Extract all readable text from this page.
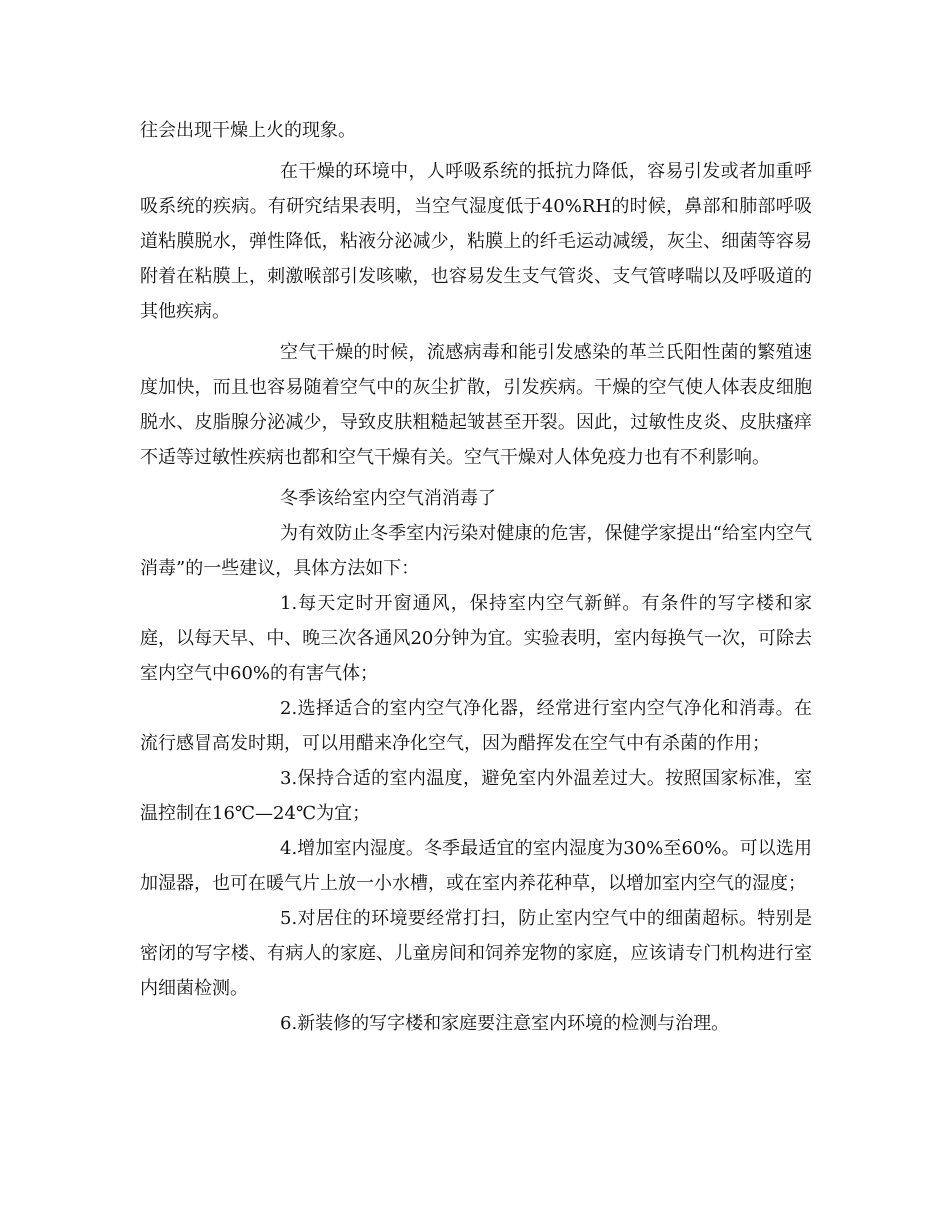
往会出现干燥上火的现象。

在干燥的环境中，人呼吸系统的抵抗力降低，容易引发或者加重呼吸系统的疾病。有研究结果表明，当空气湿度低于40%RH的时候，鼻部和肺部呼吸道粘膜脱水，弹性降低，粘液分泌减少，粘膜上的纤毛运动减缓，灰尘、细菌等容易附着在粘膜上，刺激喉部引发咳嗽，也容易发生支气管炎、支气管哮喘以及呼吸道的其他疾病。

空气干燥的时候，流感病毒和能引发感染的革兰氏阳性菌的繁殖速度加快，而且也容易随着空气中的灰尘扩散，引发疾病。干燥的空气使人体表皮细胞脱水、皮脂腺分泌减少，导致皮肤粗糙起皱甚至开裂。因此，过敏性皮炎、皮肤瘙痒不适等过敏性疾病也都和空气干燥有关。空气干燥对人体免疫力也有不利影响。

冬季该给室内空气消消毒了

为有效防止冬季室内污染对健康的危害，保健学家提出“给室内空气消毒”的一些建议，具体方法如下：

1.每天定时开窗通风，保持室内空气新鲜。有条件的写字楼和家庭，以每天早、中、晚三次各通风20分钟为宜。实验表明，室内每换气一次，可除去室内空气中60%的有害气体；

2.选择适合的室内空气净化器，经常进行室内空气净化和消毒。在流行感冒高发时期，可以用醋来净化空气，因为醋挥发在空气中有杀菌的作用；

3.保持合适的室内温度，避免室内外温差过大。按照国家标准，室温控制在16℃—24℃为宜；

4.增加室内湿度。冬季最适宜的室内湿度为30%至60%。可以选用加湿器，也可在暖气片上放一小水槽，或在室内养花种草，以增加室内空气的湿度；

5.对居住的环境要经常打扫，防止室内空气中的细菌超标。特别是密闭的写字楼、有病人的家庭、儿童房间和饲养宠物的家庭，应该请专门机构进行室内细菌检测。

6.新装修的写字楼和家庭要注意室内环境的检测与治理。
